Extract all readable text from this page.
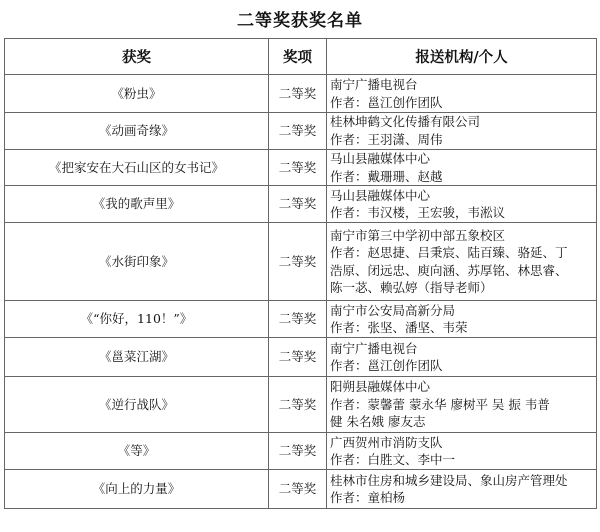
二等奖获奖名单
获奖	奖项	报送机构/个人
《粉虫》	二等奖	南宁广播电视台
作者：邕江创作团队

《动画奇缘》	二等奖	桂林坤鹤文化传播有限公司
作者：王羽潇、周伟

《把家安在大石山区的女书记》	二等奖	马山县融媒体中心
作者：戴珊珊、赵越

《我的歌声里》	二等奖	马山县融媒体中心
作者：韦汉楼，王宏骏，韦淞议

《水街印象》	二等奖	南宁市第三中学初中部五象校区
作者：赵思捷、吕秉宸、陆百臻、骆延、丁
浩原、闭远忠、庾向涵、苏厚铭、林思睿、
陈一苾、赖弘婷（指导老师）

《“你好，110！”》	二等奖	南宁市公安局高新分局
作者：张坚、潘坚、韦荣

《邕菜江湖》	二等奖	南宁广播电视台
作者：邕江创作团队

《逆行战队》	二等奖	阳朔县融媒体中心
作者：蒙馨蕾 蒙永华 廖树平 吴 振 韦普
健 朱名娥 廖友志

《等》	二等奖	广西贺州市消防支队
作者：白胜文、李中一

《向上的力量》	二等奖	桂林市住房和城乡建设局、象山房产管理处
作者：童柏杨
